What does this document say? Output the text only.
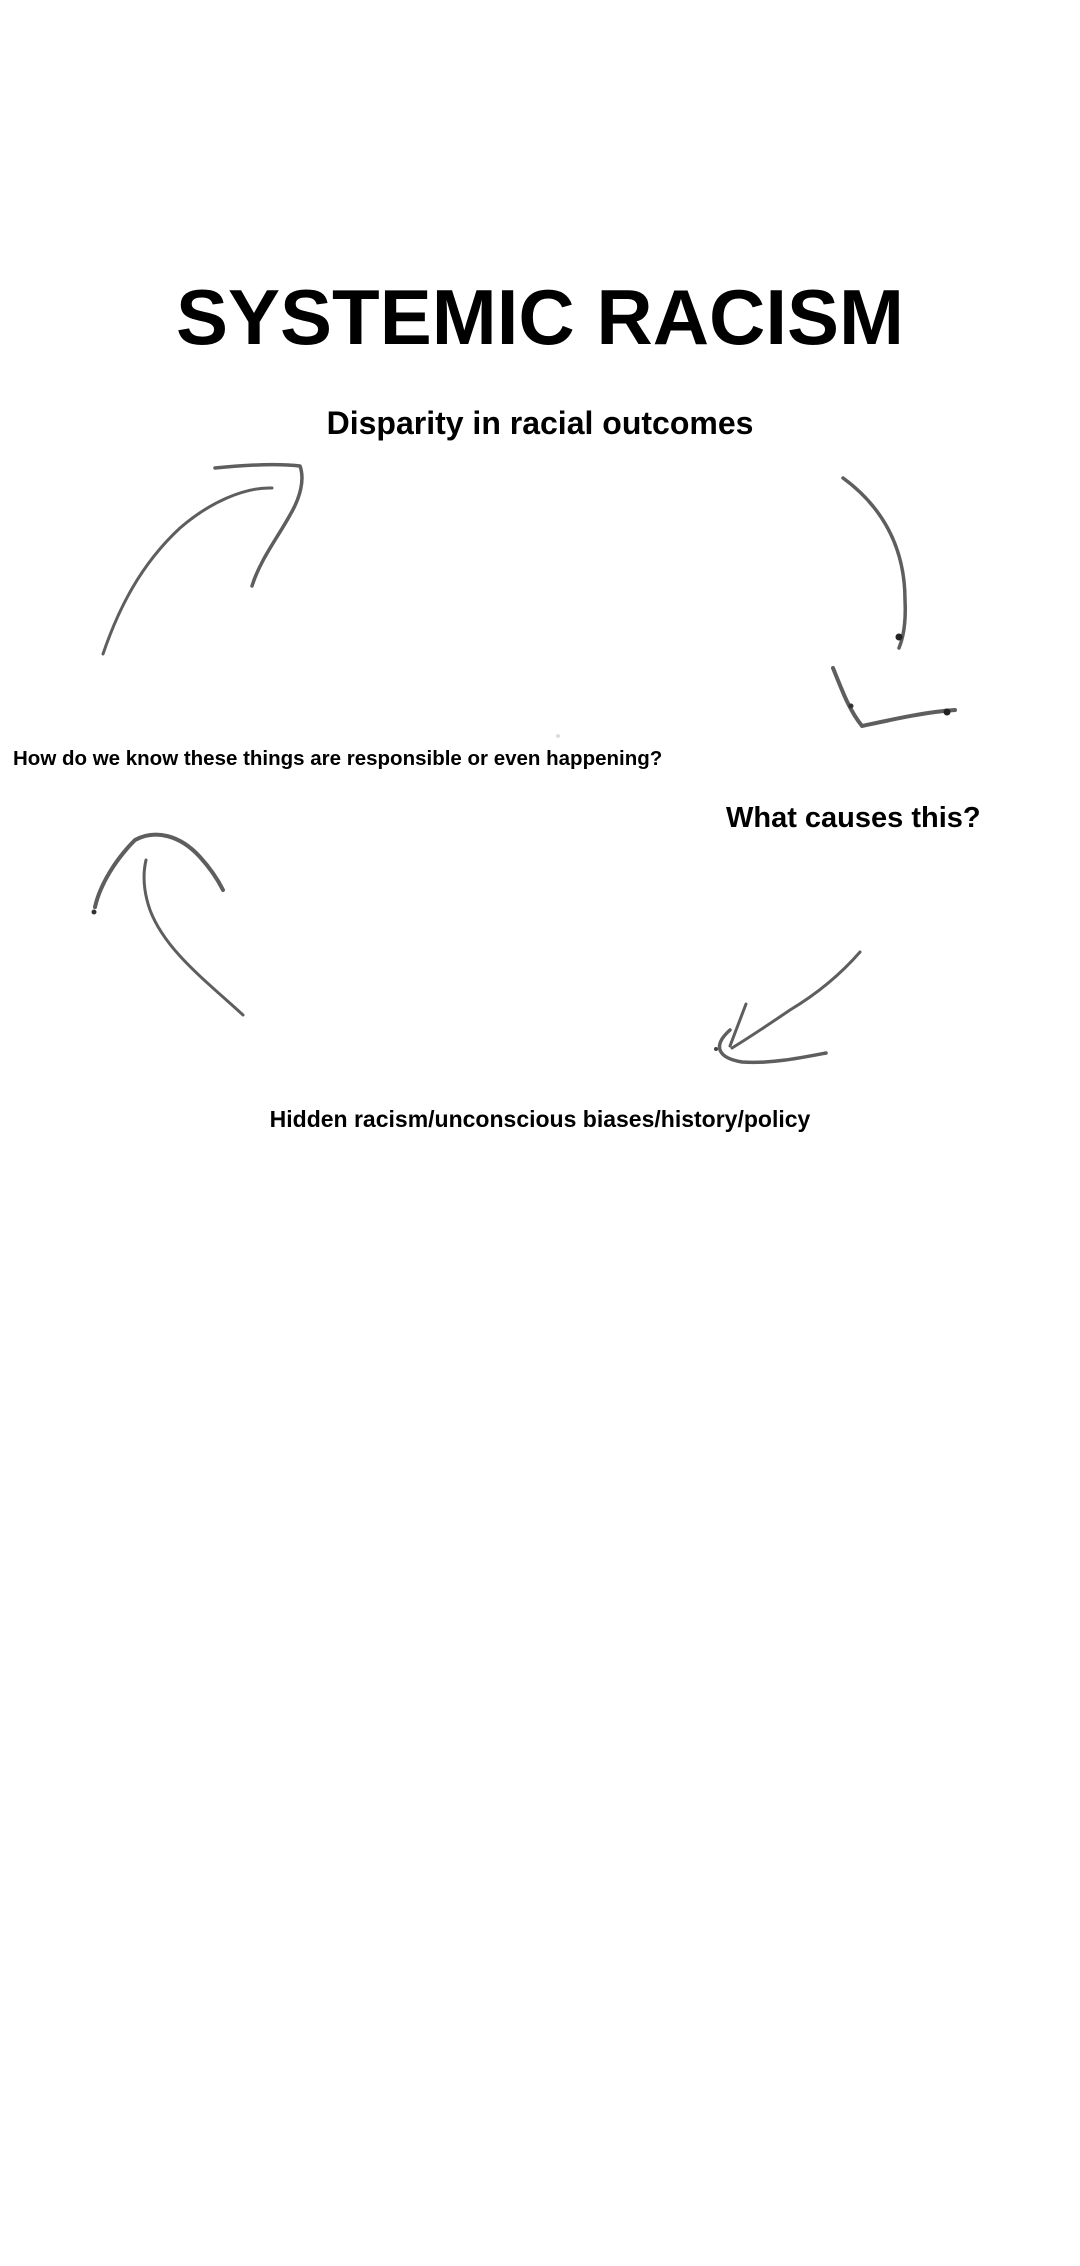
SYSTEMIC RACISM
Disparity in racial outcomes
What causes this?
Hidden racism/unconscious biases/history/policy
How do we know these things are responsible or even happening?
